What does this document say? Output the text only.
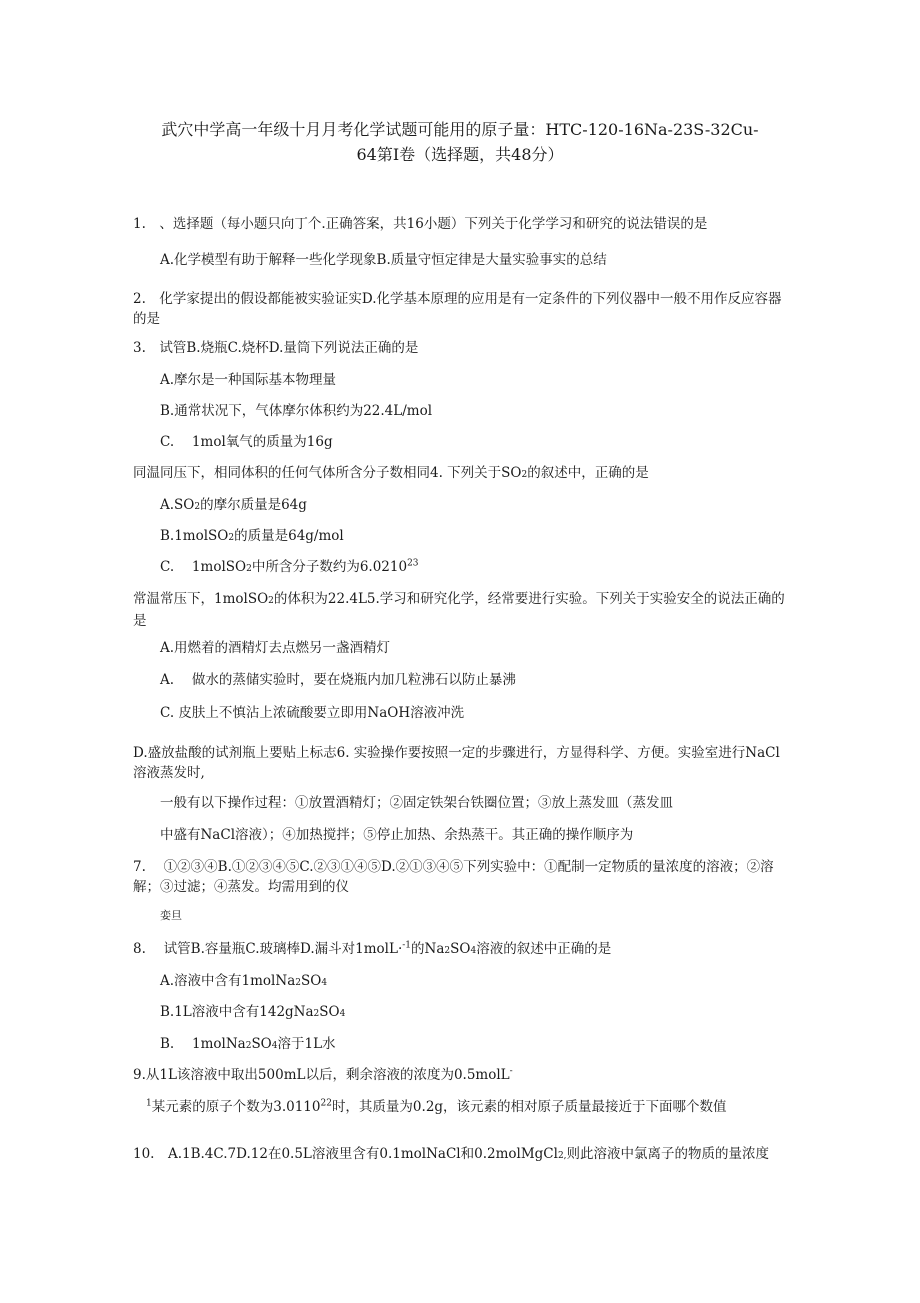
武穴中学高一年级十月月考化学试题可能用的原子量：HTC-120-16Na-23S-32Cu-
64第Ⅰ卷（选择题，共48分）
1.　、选择题（每小题只向丁个.正确答案，共16小题）下列关于化学学习和研究的说法错误的是
A.化学模型有助于解释一些化学现象B.质量守恒定律是大量实验事实的总结
2.　化学家提出的假设都能被实验证实D.化学基本原理的应用是有一定条件的下列仪器中一般不用作反应容器的是
3.　试管B.烧瓶C.烧杯D.量筒下列说法正确的是
A.摩尔是一种国际基本物理量
B.通常状况下，气体摩尔体积约为22.4L/mol
C.　 1mol氧气的质量为16g
同温同压下，相同体积的任何气体所含分子数相同4. 下列关于SO2的叙述中，正确的是
A.SO2的摩尔质量是64g
B.1molSO2的质量是64g/mol
C.　 1molSO2中所含分子数约为6.0210$^{23}$
常温常压下，1molSO2的体积为22.4L5.学习和研究化学，经常要进行实验。下列关于实验安全的说法正确的是
A.用燃着的酒精灯去点燃另一盏酒精灯
A.　 做水的蒸储实验时，要在烧瓶内加几粒沸石以防止暴沸
C. 皮肤上不慎沾上浓硫酸要立即用NaOH溶液冲洗
D.盛放盐酸的试剂瓶上要贴上标志6. 实验操作要按照一定的步骤进行，方显得科学、方便。实验室进行NaCl溶液蒸发时,
一般有以下操作过程：①放置酒精灯；②固定铁架台铁圈位置；③放上蒸发皿（蒸发皿
中盛有NaCl溶液）；④加热搅拌；⑤停止加热、余热蒸干。其正确的操作顺序为
7.　 ①②③④B.①②③④⑤C.②③①④⑤D.②①③④⑤下列实验中：①配制一定物质的量浓度的溶液；②溶解；③过滤；④蒸发。均需用到的仪
娈旦
8.　 试管B.容量瓶C.玻璃棒D.漏斗对1molL·$^{-1}$的Na2SO4溶液的叙述中正确的是
A.溶液中含有1molNa2SO4
B.1L溶液中含有142gNa2SO4
B.　 1molNa2SO4溶于1L水
9.从1L该溶液中取出500mL以后，剩余溶液的浓度为0.5molL-
$^1$某元素的原子个数为3.0110$^{22}$时，其质量为0.2g，该元素的相对原子质量最接近于下面哪个数值
10.　A.1B.4C.7D.12在0.5L溶液里含有0.1molNaCl和0.2molMgCl2,则此溶液中氯离子的物质的量浓度
